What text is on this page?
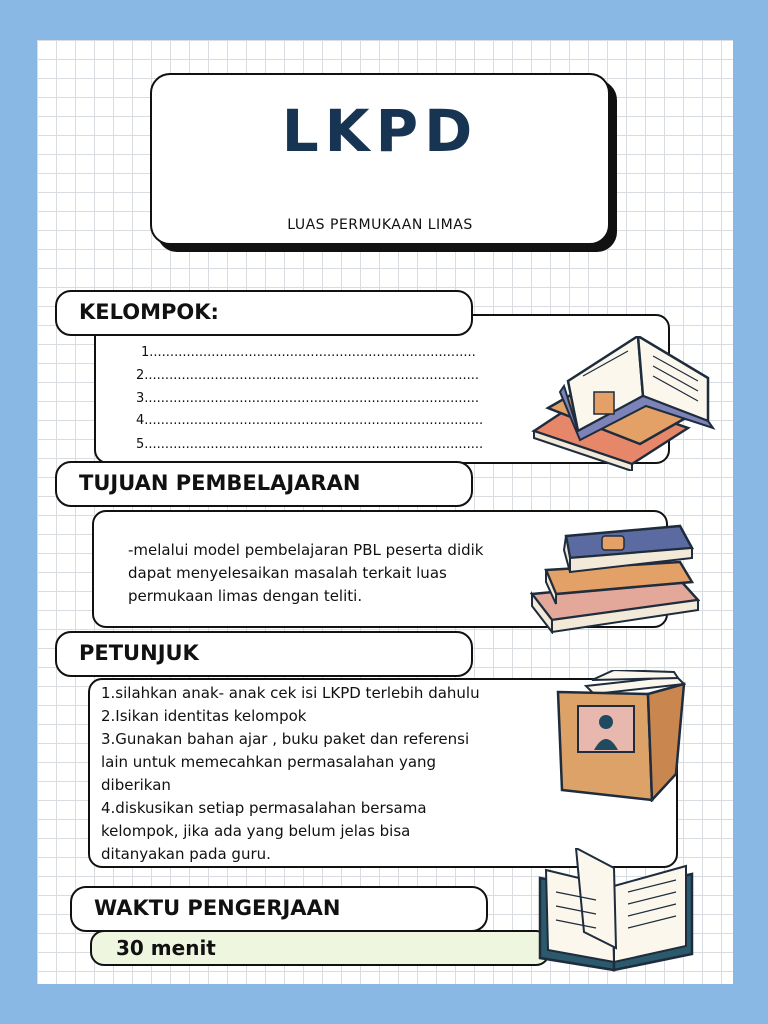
LKPD
LUAS PERMUKAAN LIMAS
KELOMPOK:
1...............................................................................
2.................................................................................
3.................................................................................
4..................................................................................
5..................................................................................
TUJUAN PEMBELAJARAN
-melalui model pembelajaran PBL peserta didik
dapat menyelesaikan masalah terkait luas
permukaan limas dengan teliti.
PETUNJUK
1.silahkan anak- anak cek isi LKPD terlebih dahulu
2.Isikan identitas kelompok
3.Gunakan bahan ajar , buku paket dan referensi
lain untuk memecahkan permasalahan yang
diberikan
4.diskusikan setiap permasalahan bersama
kelompok, jika ada yang belum jelas bisa
ditanyakan pada guru.
WAKTU PENGERJAAN
30 menit
